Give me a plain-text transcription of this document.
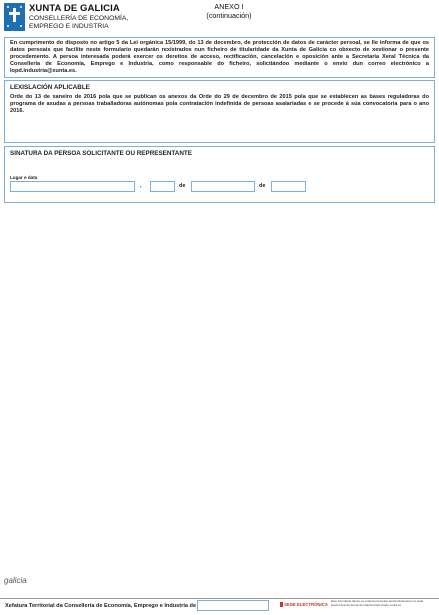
XUNTA DE GALICIA
CONSELLERÍA DE ECONOMÍA,
EMPREGO E INDUSTRIA
ANEXO I
(continuación)

En cumprimento do disposto no artigo 5 da Lei orgánica 15/1999, do 13 de decembro, de protección de datos de carácter persoal, se lle informa de que os datos persoais que facilite neste formulario quedarán rexistrados nun ficheiro de titularidade da Xunta de Galicia co obxecto de xestionar o presente procedemento. A persoa interesada poderá exercer os dereitos de acceso, rectificación, cancelación e oposición ante a Secretaría Xeral Técnica da Consellería de Economía, Emprego e Industria, como responsable do ficheiro, solicitándoo mediante o envío dun correo electrónico a lopd.industria@xunta.es.

LEXISLACIÓN APLICABLE

Orde do 13 de xaneiro de 2016 pola que se publican os anexos da Orde do 29 de decembro de 2015 pola que se establecen as bases reguladoras do programa de axudas a persoas traballadoras autónomas pola contratación indefinida de persoas asalariadas e se procede á súa convocatoria para o ano 2016.

SINATURA DA PERSOA SOLICITANTE OU REPRESENTANTE
Lugar e data
,	de	de
galicia
Xefatura Territorial da Consellería de Economía, Emprego e Industria de	SEDE ELECTRÓNICA
Este formulario tamén se poderá presentar electrónicamente na sede electrónica da Xunta de Galicia https://sede.xunta.es
